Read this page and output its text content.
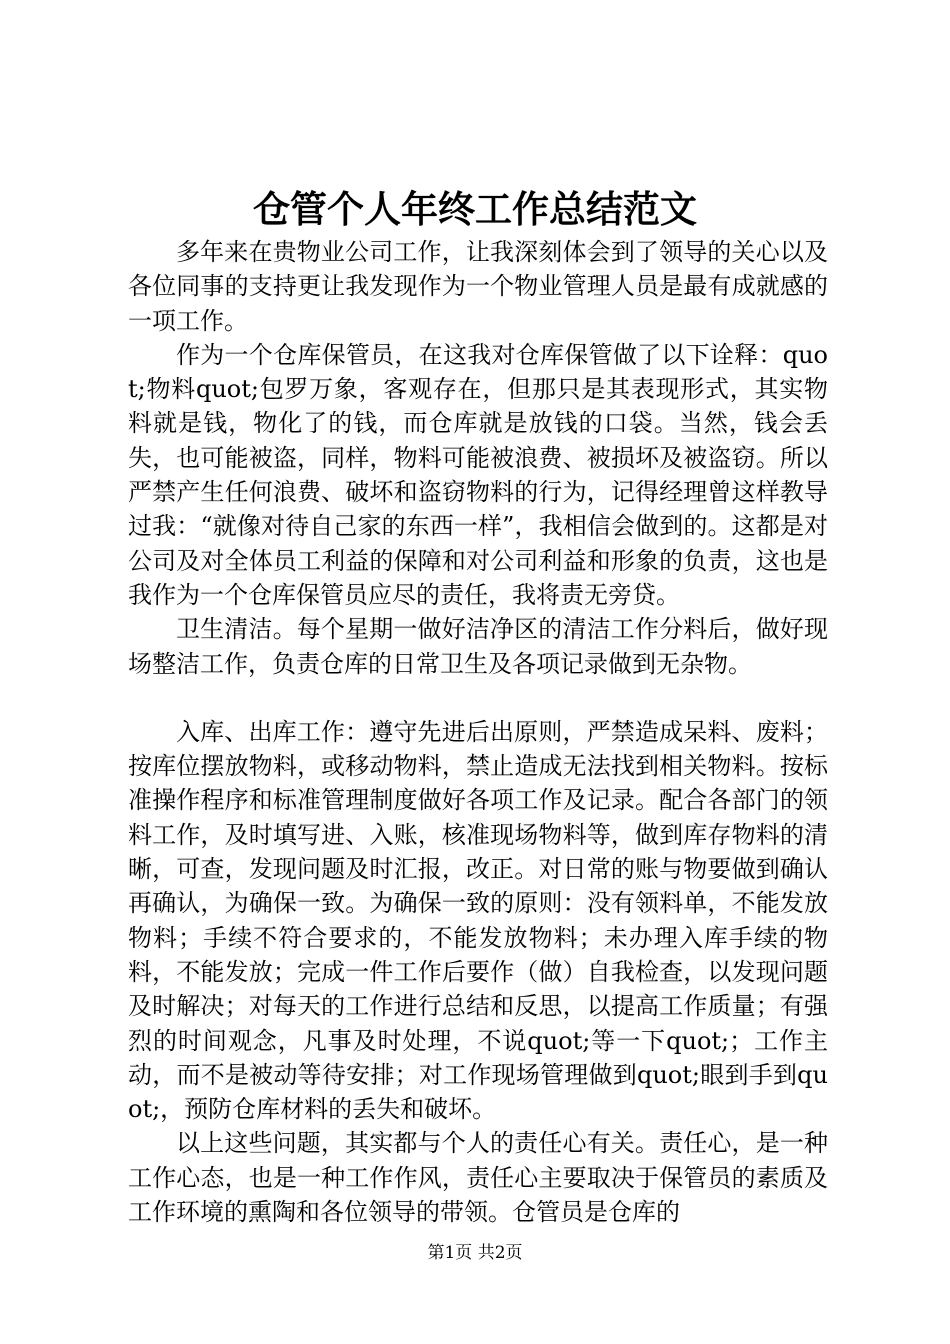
仓管个人年终工作总结范文

多年来在贵物业公司工作，让我深刻体会到了领导的关心以及各位同事的支持更让我发现作为一个物业管理人员是最有成就感的一项工作。

作为一个仓库保管员，在这我对仓库保管做了以下诠释：quot;物料quot;包罗万象，客观存在，但那只是其表现形式，其实物料就是钱，物化了的钱，而仓库就是放钱的口袋。当然，钱会丢失，也可能被盗，同样，物料可能被浪费、被损坏及被盗窃。所以严禁产生任何浪费、破坏和盗窃物料的行为，记得经理曾这样教导过我：“就像对待自己家的东西一样”，我相信会做到的。这都是对公司及对全体员工利益的保障和对公司利益和形象的负责，这也是我作为一个仓库保管员应尽的责任，我将责无旁贷。

卫生清洁。每个星期一做好洁净区的清洁工作分料后，做好现场整洁工作，负责仓库的日常卫生及各项记录做到无杂物。

入库、出库工作：遵守先进后出原则，严禁造成呆料、废料；按库位摆放物料，或移动物料，禁止造成无法找到相关物料。按标准操作程序和标准管理制度做好各项工作及记录。配合各部门的领料工作，及时填写进、入账，核准现场物料等，做到库存物料的清晰，可查，发现问题及时汇报，改正。对日常的账与物要做到确认再确认，为确保一致。为确保一致的原则：没有领料单，不能发放物料；手续不符合要求的，不能发放物料；未办理入库手续的物料，不能发放；完成一件工作后要作（做）自我检查，以发现问题及时解决；对每天的工作进行总结和反思，以提高工作质量；有强烈的时间观念，凡事及时处理，不说quot;等一下quot;；工作主动，而不是被动等待安排；对工作现场管理做到quot;眼到手到quot;，预防仓库材料的丢失和破坏。

以上这些问题，其实都与个人的责任心有关。责任心，是一种工作心态，也是一种工作作风，责任心主要取决于保管员的素质及工作环境的熏陶和各位领导的带领。仓管员是仓库的

第1页 共2页
